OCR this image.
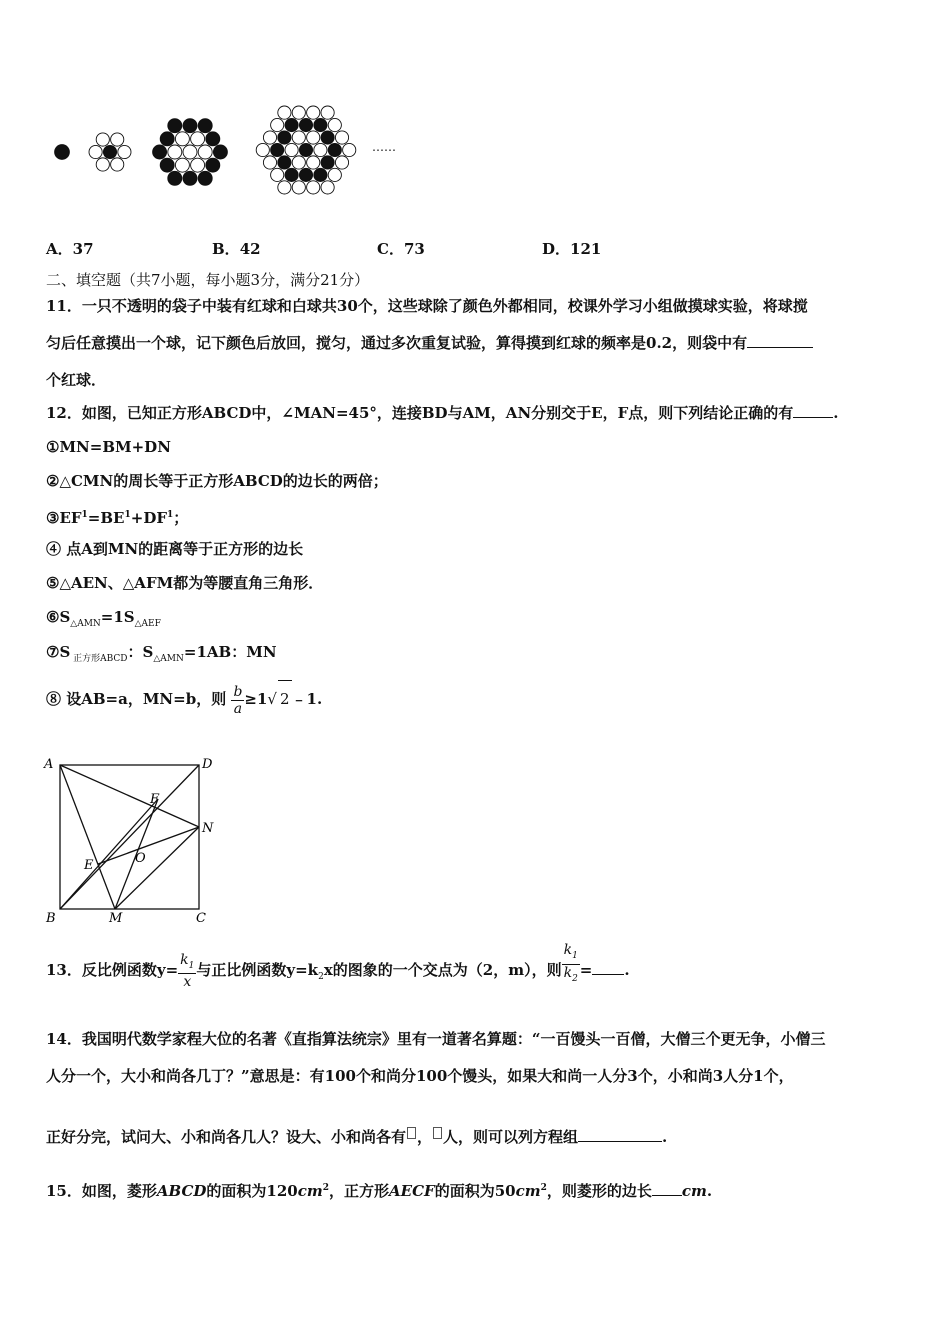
……
A．37	B．42	C．73	D．121
二、填空题（共7小题，每小题3分，满分21分）
11．一只不透明的袋子中装有红球和白球共30个，这些球除了颜色外都相同，校课外学习小组做摸球实验，将球搅
匀后任意摸出一个球，记下颜色后放回，搅匀，通过多次重复试验，算得摸到红球的频率是0.2，则袋中有
个红球．
12．如图，已知正方形ABCD中，∠MAN=45°，连接BD与AM，AN分别交于E，F点，则下列结论正确的有	.
①MN=BM+DN
②△CMN的周长等于正方形ABCD的边长的两倍；
$③EF^1=BE^1+DF^1$；
④ 点A到MN的距离等于正方形的边长
⑤△AEN、△AFM都为等腰直角三角形．
$⑥S_{\triangle AMN}=1S_{\triangle AEF}$
⑦S $_{正方形ABCD}$：$S_{\triangle AMN}=1AB$：MN
⑧ 设AB=a，MN=b，则 $\frac{b}{a} \ge 1√$ 2 ﹣1.
A	D
B	C
M
N
E
F
O
13．反比例函数$y= \frac{k_1}{x}$ 与正比例函数$y=k_2x$的图象的一个交点为（2，m），则 $\frac{k_1}{k_2}$ = .
14．我国明代数学家程大位的名著《直指算法统宗》里有一道著名算题：“一百馒头一百僧，大僧三个更无争，小僧三
人分一个，大小和尚各几丁？”意思是：有100个和尚分100个馒头，如果大和尚一人分3个，小和尚3人分1个，
正好分完，试问大、小和尚各几人？设大、小和尚各有 ， 人，则可以列方程组	.
15．如图，菱形ABCD的面积为$120cm^2$，正方形AECF的面积为$50cm^2$，则菱形的边长 cm.
